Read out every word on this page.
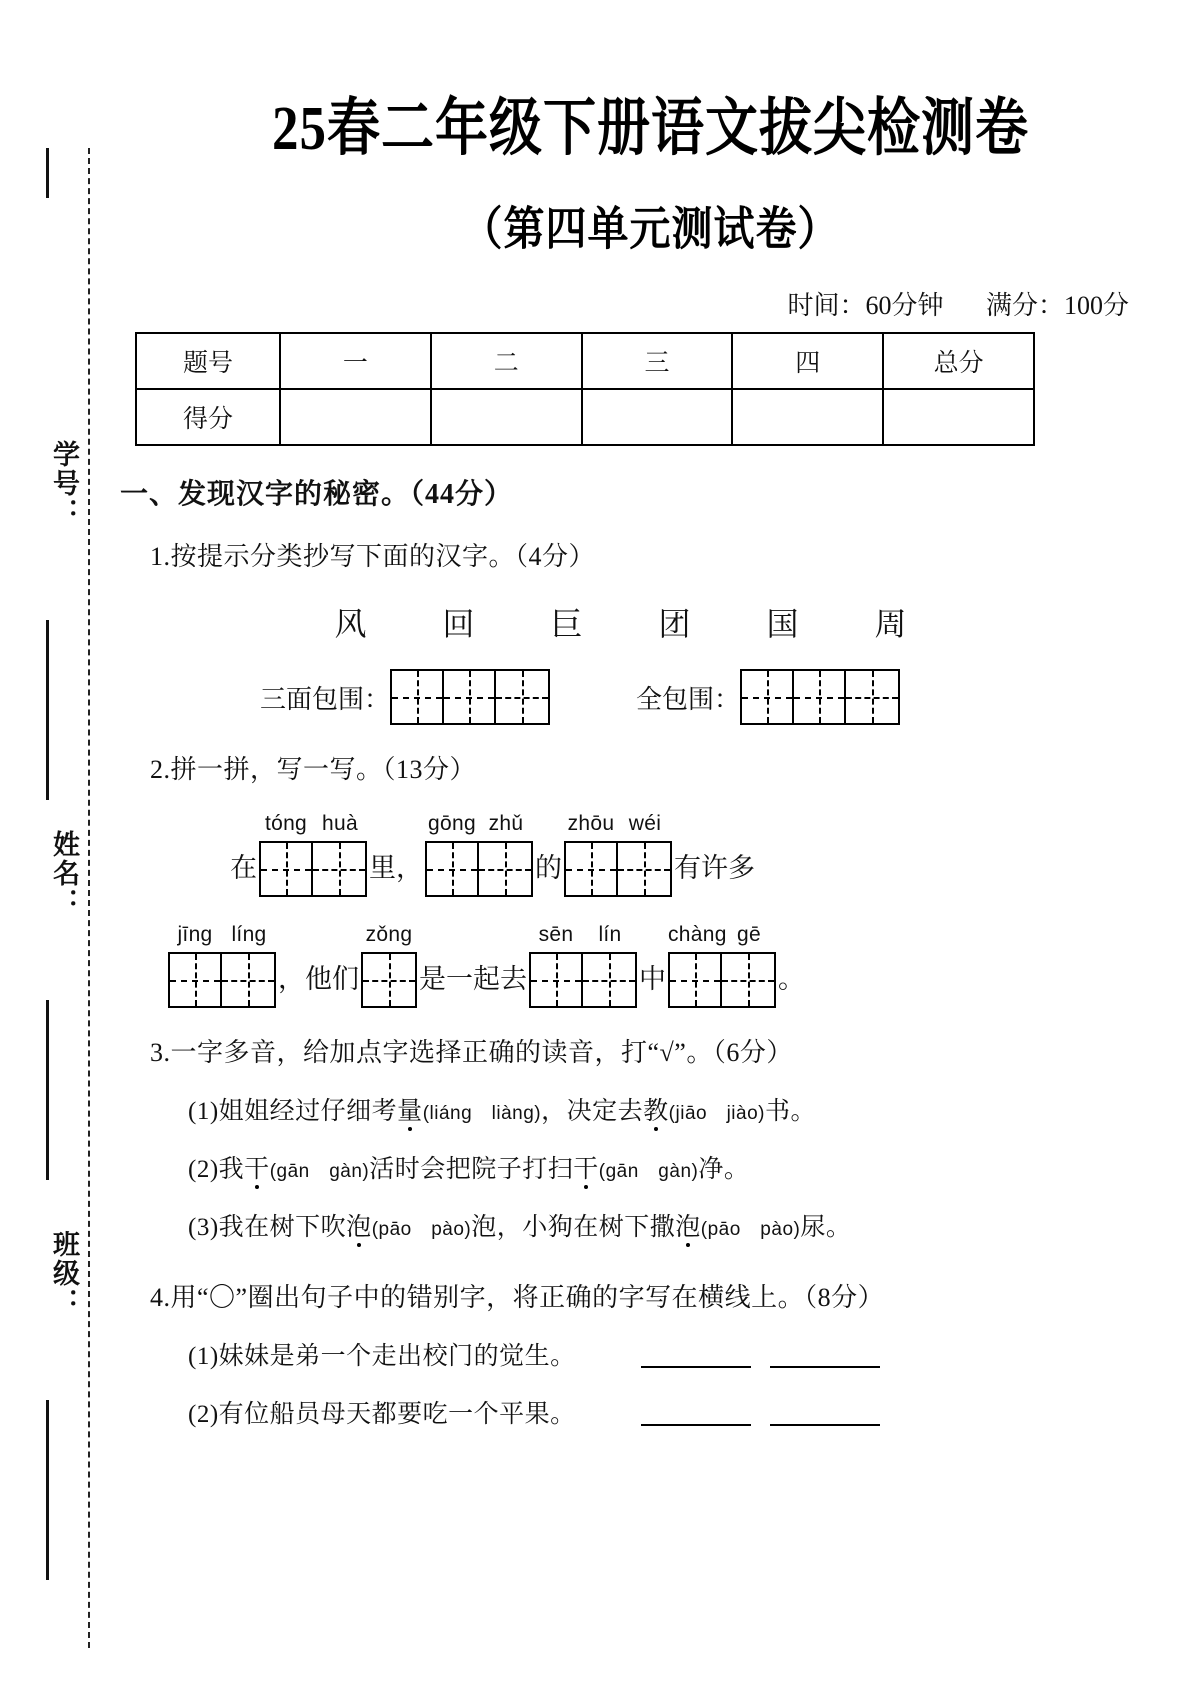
学号：
姓名：
班级：
25春二年级下册语文拔尖检测卷
（第四单元测试卷）
时间：60分钟 满分：100分
题号	一	二	三	四	总分
得分					
一、发现汉字的秘密。（44分）
1.按提示分类抄写下面的汉字。（4分）
风 回 巨 团 国 周
三面包围：	全包围：
2.拼一拼，写一写。（13分）
在
tóng huà
里，
gōng zhǔ
的
zhōu wéi
有许多
jīng líng
，他们
zǒng
是一起去
sēn	lín
中
chàng gē
。
3.一字多音，给加点字选择正确的读音，打“√”。（6分）
(1)姐姐经过仔细考量(liáng　liàng)，决定去教(jiāo　jiào)书。
(2)我干(gān　gàn)活时会把院子打扫干(gān　gàn)净。
(3)我在树下吹泡(pāo　pào)泡，小狗在树下撒泡(pāo　pào)尿。
4.用“〇”圈出句子中的错别字，将正确的字写在横线上。（8分）
(1)妹妹是弟一个走出校门的觉生。
(2)有位船员母天都要吃一个平果。
